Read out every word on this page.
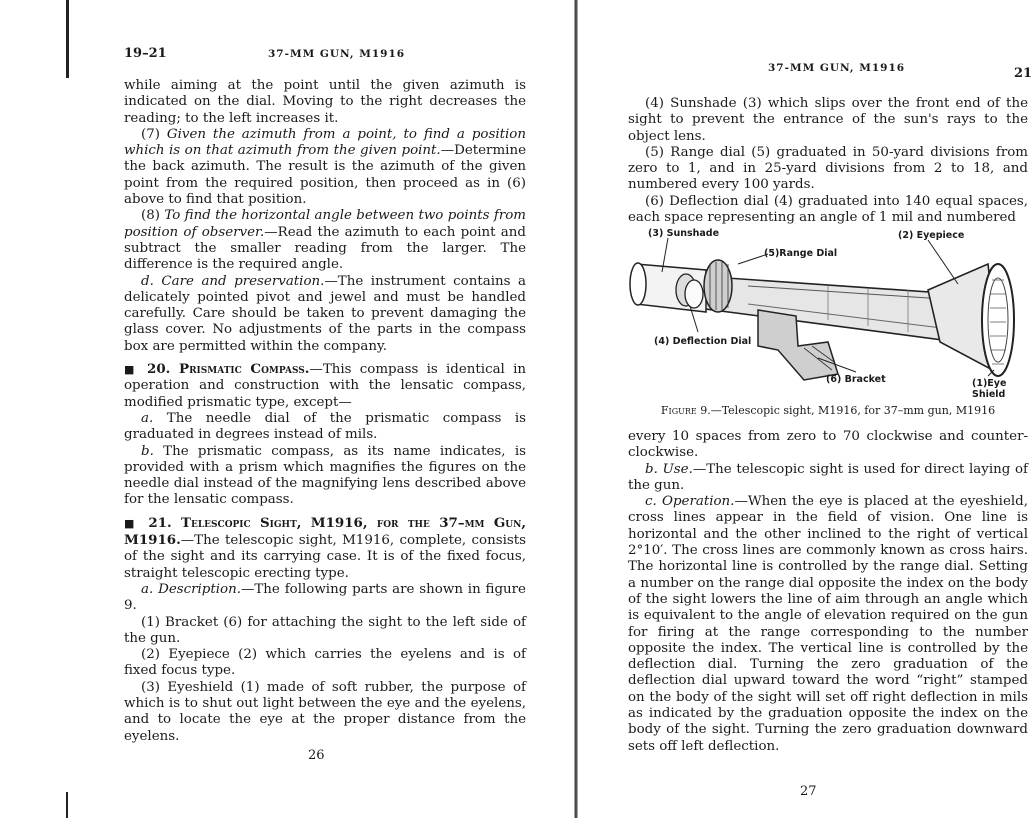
19–21	37-MM GUN, M1916

while aiming at the point until the given azimuth is indicated on the dial. Moving to the right decreases the reading; to the left increases it.

(7) Given the azimuth from a point, to find a position which is on that azimuth from the given point.—Determine the back azimuth. The result is the azimuth of the given point from the required position, then proceed as in (6) above to find that position.

(8) To find the horizontal angle between two points from position of observer.—Read the azimuth to each point and subtract the smaller reading from the larger. The difference is the required angle.

d. Care and preservation.—The instrument contains a delicately pointed pivot and jewel and must be handled carefully. Care should be taken to prevent damaging the glass cover. No adjustments of the parts in the compass box are permitted within the company.

■ 20. Prismatic Compass.—This compass is identical in operation and construction with the lensatic compass, modified prismatic type, except—

a. The needle dial of the prismatic compass is graduated in degrees instead of mils.

b. The prismatic compass, as its name indicates, is provided with a prism which magnifies the figures on the needle dial instead of the magnifying lens described above for the lensatic compass.

■ 21. Telescopic Sight, M1916, for the 37–mm Gun, M1916.—The telescopic sight, M1916, complete, consists of the sight and its carrying case. It is of the fixed focus, straight telescopic erecting type.

a. Description.—The following parts are shown in figure 9.

(1) Bracket (6) for attaching the sight to the left side of the gun.

(2) Eyepiece (2) which carries the eyelens and is of fixed focus type.

(3) Eyeshield (1) made of soft rubber, the purpose of which is to shut out light between the eye and the eyelens, and to locate the eye at the proper distance from the eyelens.

26
37-MM GUN, M1916	21

(4) Sunshade (3) which slips over the front end of the sight to prevent the entrance of the sun's rays to the object lens.

(5) Range dial (5) graduated in 50-yard divisions from zero to 1, and in 25-yard divisions from 2 to 18, and numbered every 100 yards.

(6) Deflection dial (4) graduated into 140 equal spaces, each space representing an angle of 1 mil and numbered

(3) Sunshade	(2) Eyepiece
(5)Range Dial
(4) Deflection Dial
(6) Bracket	(1)Eye Shield
Figure 9.—Telescopic sight, M1916, for 37–mm gun, M1916

every 10 spaces from zero to 70 clockwise and counter-clockwise.

b. Use.—The telescopic sight is used for direct laying of the gun.

c. Operation.—When the eye is placed at the eyeshield, cross lines appear in the field of vision. One line is horizontal and the other inclined to the right of vertical 2°10′. The cross lines are commonly known as cross hairs. The horizontal line is controlled by the range dial. Setting a number on the range dial opposite the index on the body of the sight lowers the line of aim through an angle which is equivalent to the angle of elevation required on the gun for firing at the range corresponding to the number opposite the index. The vertical line is controlled by the deflection dial. Turning the zero graduation of the deflection dial upward toward the word “right” stamped on the body of the sight will set off right deflection in mils as indicated by the graduation opposite the index on the body of the sight. Turning the zero graduation downward sets off left deflection.

27
